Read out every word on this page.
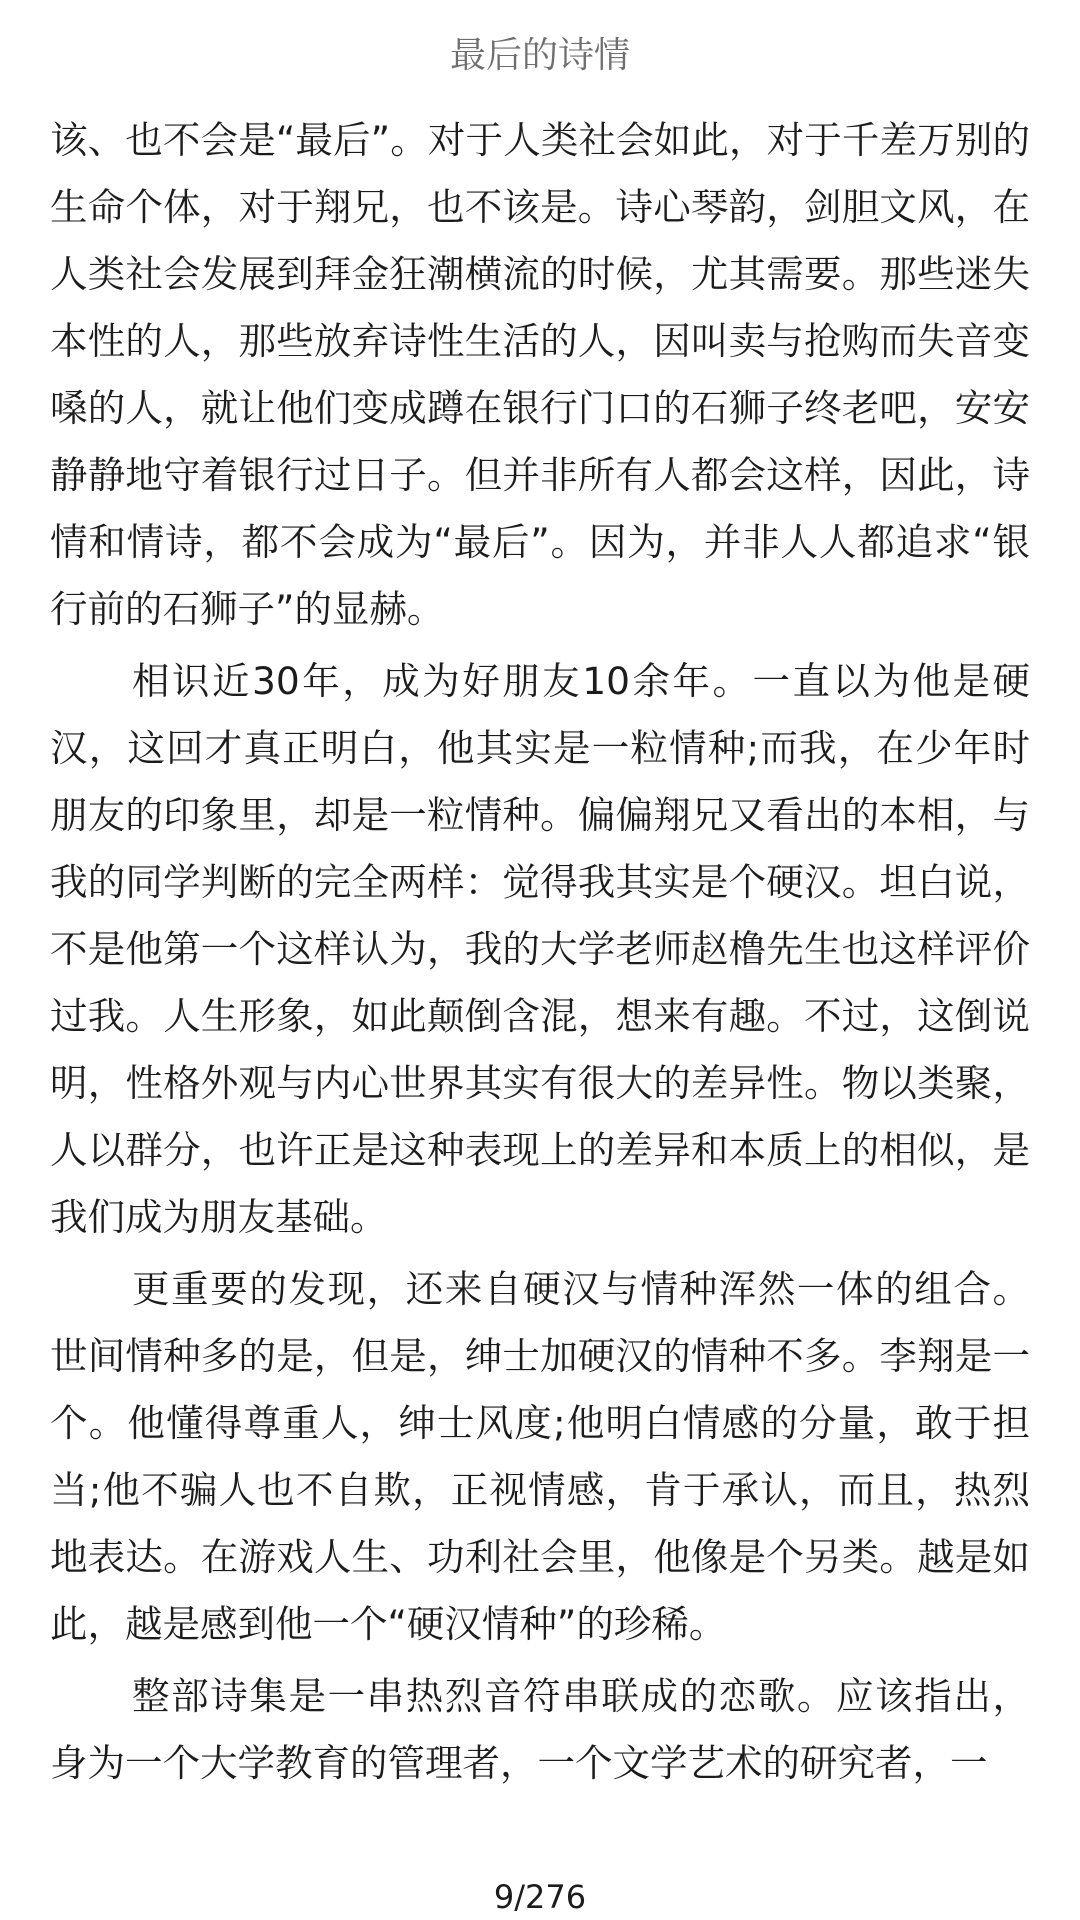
最后的诗情

该、也不会是“最后”。对于人类社会如此，对于千差万别的生命个体，对于翔兄，也不该是。诗心琴韵，剑胆文风，在人类社会发展到拜金狂潮横流的时候，尤其需要。那些迷失本性的人，那些放弃诗性生活的人，因叫卖与抢购而失音变嗓的人，就让他们变成蹲在银行门口的石狮子终老吧，安安静静地守着银行过日子。但并非所有人都会这样，因此，诗情和情诗，都不会成为“最后”。因为，并非人人都追求“银行前的石狮子”的显赫。

相识近30年，成为好朋友10余年。一直以为他是硬汉，这回才真正明白，他其实是一粒情种;而我，在少年时朋友的印象里，却是一粒情种。偏偏翔兄又看出的本相，与我的同学判断的完全两样：觉得我其实是个硬汉。坦白说，不是他第一个这样认为，我的大学老师赵橹先生也这样评价过我。人生形象，如此颠倒含混，想来有趣。不过，这倒说明，性格外观与内心世界其实有很大的差异性。物以类聚，人以群分，也许正是这种表现上的差异和本质上的相似，是我们成为朋友基础。

更重要的发现，还来自硬汉与情种浑然一体的组合。世间情种多的是，但是，绅士加硬汉的情种不多。李翔是一个。他懂得尊重人，绅士风度;他明白情感的分量，敢于担当;他不骗人也不自欺，正视情感，肯于承认，而且，热烈地表达。在游戏人生、功利社会里，他像是个另类。越是如此，越是感到他一个“硬汉情种”的珍稀。

整部诗集是一串热烈音符串联成的恋歌。应该指出，身为一个大学教育的管理者，一个文学艺术的研究者，一

9/276
